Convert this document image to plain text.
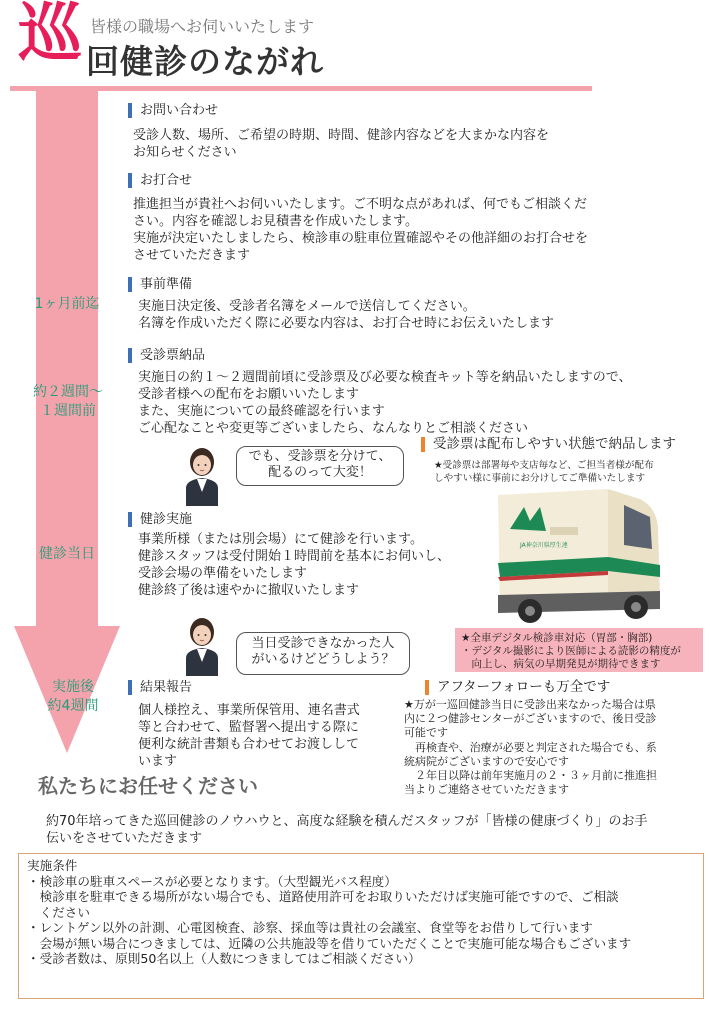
巡 皆様の職場へお伺いいたします
回健診のながれ
1ヶ月前迄
約２週間～
１週間前
健診当日
実施後
約4週間
お問い合わせ
受診人数、場所、ご希望の時期、時間、健診内容などを大まかな内容を
お知らせください
お打合せ
推進担当が貴社へお伺いいたします。ご不明な点があれば、何でもご相談くだ
さい。内容を確認しお見積書を作成いたします。
実施が決定いたしましたら、検診車の駐車位置確認やその他詳細のお打合せを
させていただきます
事前準備
実施日決定後、受診者名簿をメールで送信してください。
名簿を作成いただく際に必要な内容は、お打合せ時にお伝えいたします
受診票納品
実施日の約１～２週間前頃に受診票及び必要な検査キット等を納品いたしますので、
受診者様への配布をお願いいたします
また、実施についての最終確認を行います
ご心配なことや変更等ございましたら、なんなりとご相談ください
でも、受診票を分けて、
配るのって大変！
受診票は配布しやすい状態で納品します
★受診票は部署毎や支店毎など、ご担当者様が配布
しやすい様に事前にお分けしてご準備いたします
健診実施
事業所様（または別会場）にて健診を行います。
健診スタッフは受付開始１時間前を基本にお伺いし、
受診会場の準備をいたします
健診終了後は速やかに撤収いたします
JA神奈川県厚生連
★全車デジタル検診車対応（胃部・胸部)
・デジタル撮影により医師による読影の精度が
　向上し、病気の早期発見が期待できます
当日受診できなかった人
がいるけどどうしよう？
結果報告
個人様控え、事業所保管用、連名書式
等と合わせて、監督署へ提出する際に
便利な統計書類も合わせてお渡しして
います
アフターフォローも万全です
★万が一巡回健診当日に受診出来なかった場合は県
内に２つ健診センターがございますので、後日受診
可能です
　再検査や、治療が必要と判定された場合でも、系
統病院がございますので安心です
　２年目以降は前年実施月の２・３ヶ月前に推進担
当よりご連絡させていただきます
私たちにお任せください
約70年培ってきた巡回健診のノウハウと、高度な経験を積んだスタッフが「皆様の健康づくり」のお手
伝いをさせていただきます
実施条件
・検診車の駐車スペースが必要となります。（大型観光バス程度）
　検診車を駐車できる場所がない場合でも、道路使用許可をお取りいただけば実施可能ですので、ご相談
　ください
・レントゲン以外の計測、心電図検査、診察、採血等は貴社の会議室、食堂等をお借りして行います
　会場が無い場合につきましては、近隣の公共施設等を借りていただくことで実施可能な場合もございます
・受診者数は、原則50名以上（人数につきましてはご相談ください）
